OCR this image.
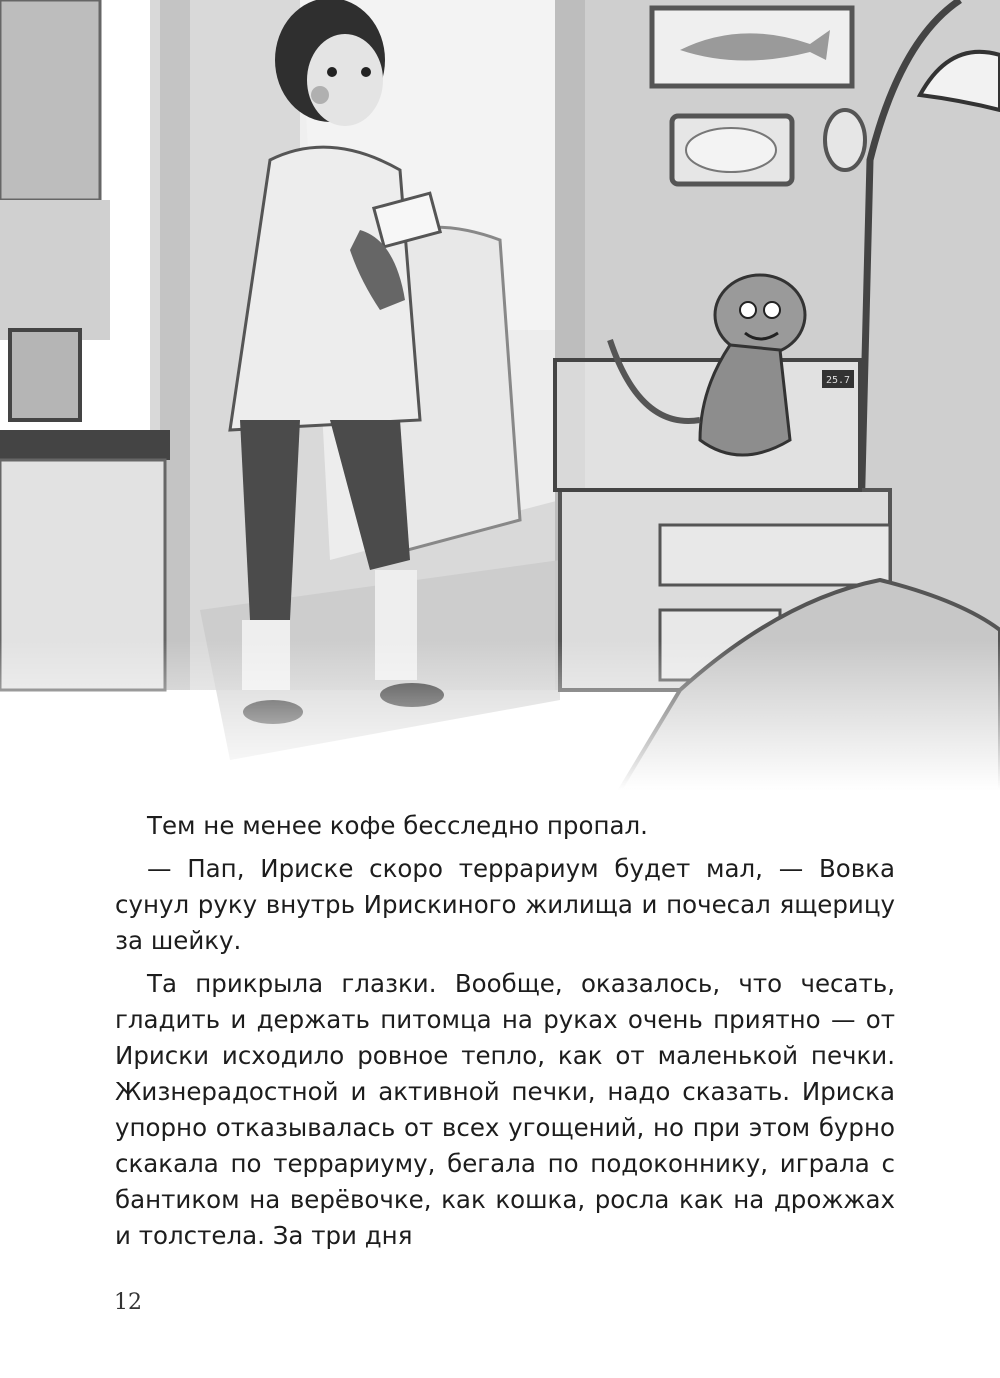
25.7

Тем не менее кофе бесследно пропал.

— Пап, Ириске скоро террариум будет мал, — Вовка сунул руку внутрь Ирискиного жилища и почесал ящерицу за шейку.

Та прикрыла глазки. Вообще, оказалось, что чесать, гладить и держать питомца на руках очень приятно — от Ириски исходило ровное тепло, как от маленькой печки. Жизнерадостной и активной печки, надо сказать. Ириска упорно отказывалась от всех угощений, но при этом бурно скакала по террариуму, бегала по подоконнику, играла с бантиком на верёвочке, как кошка, росла как на дрожжах и толстела. За три дня

12
